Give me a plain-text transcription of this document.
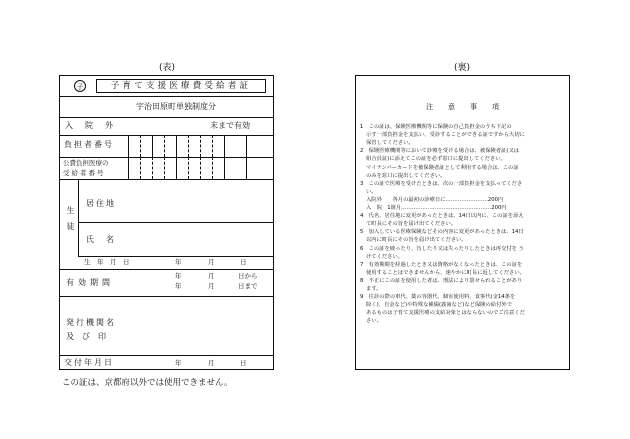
(表)	(裏)
子	子育て支援医療費受給者証
宇治田原町単独制度分
入　院　外	末まで有効
負担者番号
公費負担医療の
受給者番号
生　徒
居住地
氏　名
生　年　月　日	年	月	日
有効期間
年	月	日から
年	月	日まで
発行機関名
及　び　印
交付年月日	年	月	日
この証は、京都府以外では使用できません。
注　意　事　項
1　この証は、保険医療機関等に保険の自己負担金のうち下記の
示す一部負担金を支払い、受診することができる証ですから大切に
保管してください。
2　保険医療機関等において診療を受ける場合は、被保険者証(又は
組合員証)に添えてこの証を必ず窓口に提出してください。
マイナンバーカードを被保険者証として利用する場合は、この証
のみを窓口に提出してください。
3　この証で医療を受けたときは、次の一部負担金を支払ってくださ
い。
入院外　　各月の最初の診療日に……………………200円
入　院　1箇月……………………………………………200円
4　氏名、居住地に変更があったときは、14日以内に、この証を添え
て町長にその旨を届け出てください。
5　加入している医療保険などその内容に変更があったときは、14日
以内に町長にその旨を届け出てください。
6　この証を破ったり、汚したり又は失ったりしたときは再交付を う
けてください。
7　有効期間を経過したとき又は資格がなくなったときは、この証を
使用することはできませんから、速やかに町長に返してください。
8　不正にこの証を使用した者は、刑法により罰せられることがあり
ます。
9　往診の際の車代、薬の容器代、個室使用料、食事代(金14条を
除く)、自金など)や特殊な補綴(義歯など)など保険の給付外で
あるものは子育て支援医療の支給対象とはならないのでご注意くだ
さい。
